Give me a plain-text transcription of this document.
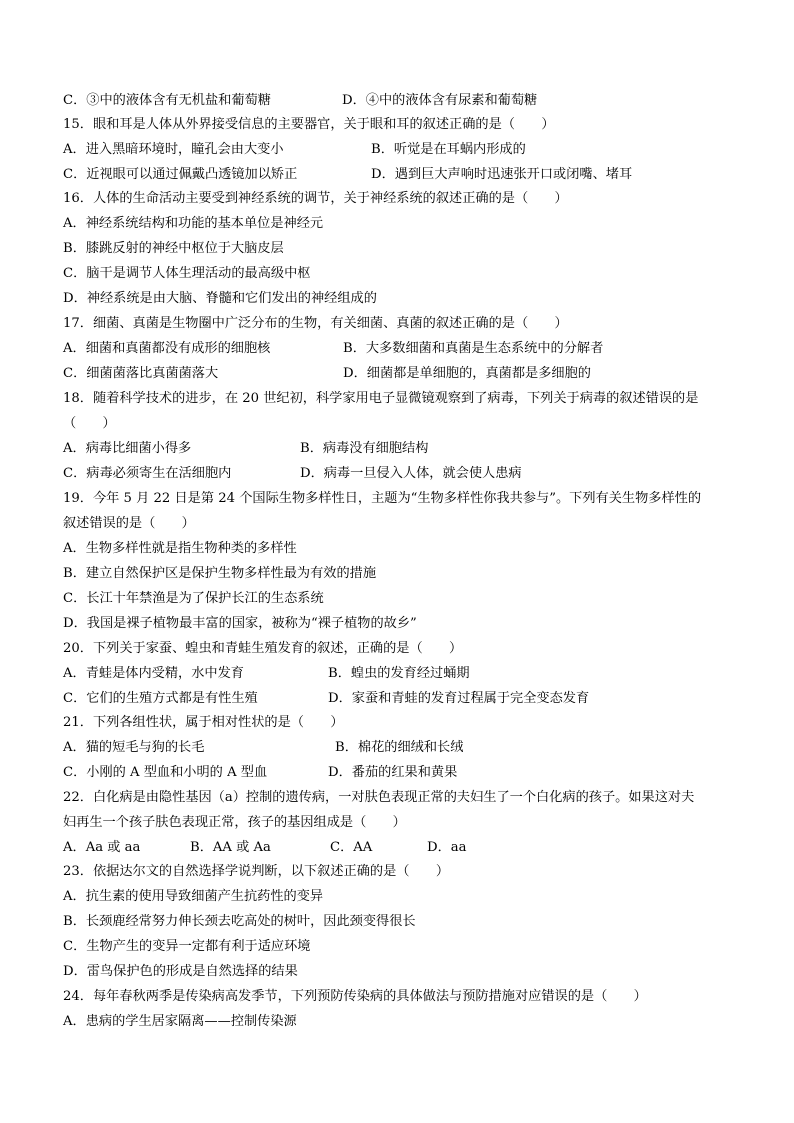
C．③中的液体含有无机盐和葡萄糖	D．④中的液体含有尿素和葡萄糖
15．眼和耳是人体从外界接受信息的主要器官，关于眼和耳的叙述正确的是（　　）
A．进入黑暗环境时，瞳孔会由大变小	B．听觉是在耳蜗内形成的
C．近视眼可以通过佩戴凸透镜加以矫正	D．遇到巨大声响时迅速张开口或闭嘴、堵耳
16．人体的生命活动主要受到神经系统的调节，关于神经系统的叙述正确的是（　　）
A．神经系统结构和功能的基本单位是神经元
B．膝跳反射的神经中枢位于大脑皮层
C．脑干是调节人体生理活动的最高级中枢
D．神经系统是由大脑、脊髓和它们发出的神经组成的
17．细菌、真菌是生物圈中广泛分布的生物，有关细菌、真菌的叙述正确的是（　　）
A．细菌和真菌都没有成形的细胞核	B．大多数细菌和真菌是生态系统中的分解者
C．细菌菌落比真菌菌落大	D．细菌都是单细胞的，真菌都是多细胞的
18．随着科学技术的进步，在 20 世纪初，科学家用电子显微镜观察到了病毒，下列关于病毒的叙述错误的是
（　　）
A．病毒比细菌小得多	B．病毒没有细胞结构
C．病毒必须寄生在活细胞内	D．病毒一旦侵入人体，就会使人患病
19．今年 5 月 22 日是第 24 个国际生物多样性日，主题为“生物多样性你我共参与”。下列有关生物多样性的
叙述错误的是（　　）
A．生物多样性就是指生物种类的多样性
B．建立自然保护区是保护生物多样性最为有效的措施
C．长江十年禁渔是为了保护长江的生态系统
D．我国是裸子植物最丰富的国家，被称为“裸子植物的故乡”
20．下列关于家蚕、蝗虫和青蛙生殖发育的叙述，正确的是（　　）
A．青蛙是体内受精，水中发育	B．蝗虫的发育经过蛹期
C．它们的生殖方式都是有性生殖	D．家蚕和青蛙的发育过程属于完全变态发育
21．下列各组性状，属于相对性状的是（　　）
A．猫的短毛与狗的长毛	B．棉花的细绒和长绒
C．小刚的 A 型血和小明的 A 型血	D．番茄的红果和黄果
22．白化病是由隐性基因（a）控制的遗传病，一对肤色表现正常的夫妇生了一个白化病的孩子。如果这对夫
妇再生一个孩子肤色表现正常，孩子的基因组成是（　　）
A．Aa 或 aa	B．AA 或 Aa	C．AA	D．aa
23．依据达尔文的自然选择学说判断，以下叙述正确的是（　　）
A．抗生素的使用导致细菌产生抗药性的变异
B．长颈鹿经常努力伸长颈去吃高处的树叶，因此颈变得很长
C．生物产生的变异一定都有利于适应环境
D．雷鸟保护色的形成是自然选择的结果
24．每年春秋两季是传染病高发季节，下列预防传染病的具体做法与预防措施对应错误的是（　　）
A．患病的学生居家隔离——控制传染源
